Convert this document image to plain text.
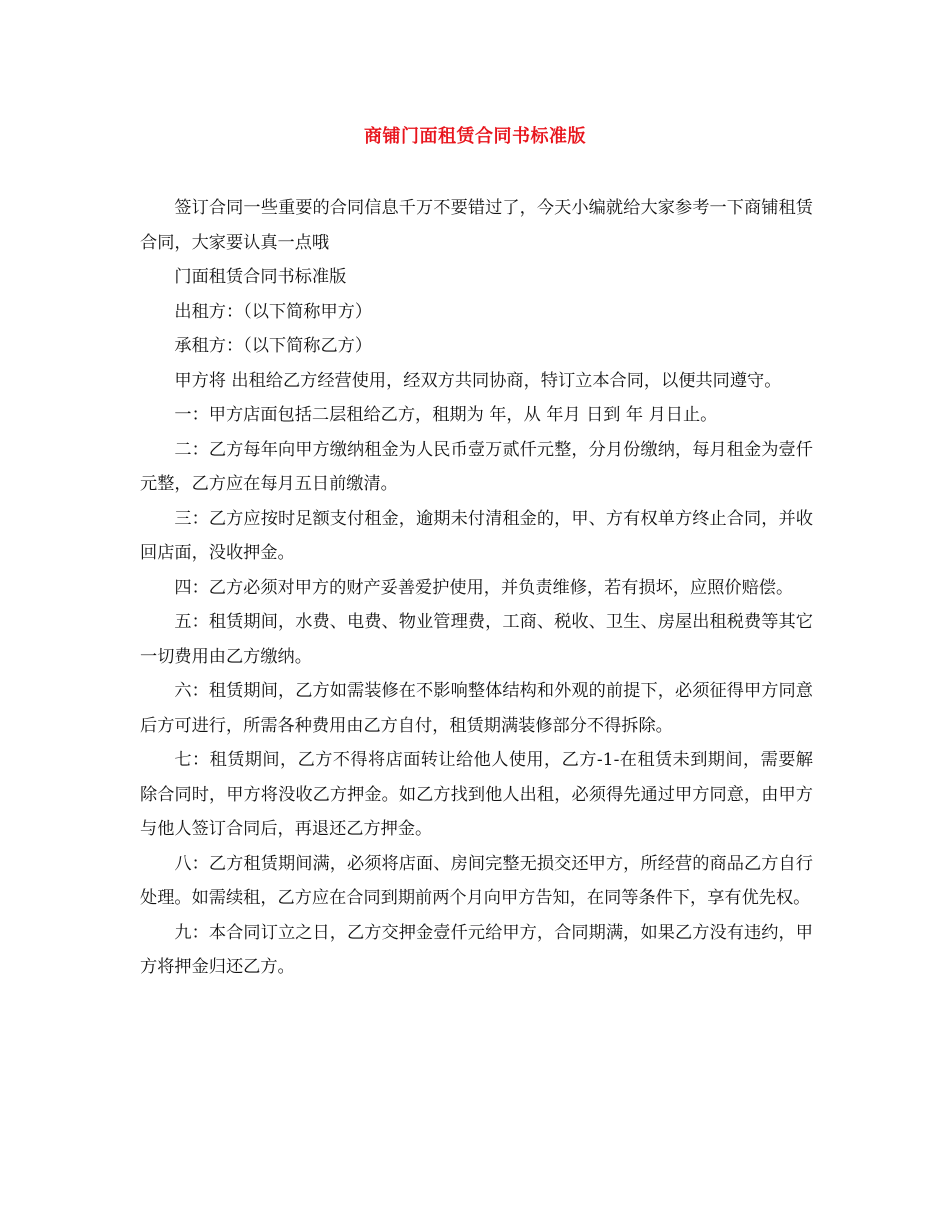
商铺门面租赁合同书标准版

签订合同一些重要的合同信息千万不要错过了，今天小编就给大家参考一下商铺租赁合同，大家要认真一点哦

门面租赁合同书标准版

出租方：（以下简称甲方）

承租方：（以下简称乙方）

甲方将 出租给乙方经营使用，经双方共同协商，特订立本合同，以便共同遵守。

一：甲方店面包括二层租给乙方，租期为 年，从 年月 日到 年 月日止。

二：乙方每年向甲方缴纳租金为人民币壹万贰仟元整，分月份缴纳，每月租金为壹仟元整，乙方应在每月五日前缴清。

三：乙方应按时足额支付租金，逾期未付清租金的，甲、方有权单方终止合同，并收回店面，没收押金。

四：乙方必须对甲方的财产妥善爱护使用，并负责维修，若有损坏，应照价赔偿。

五：租赁期间，水费、电费、物业管理费，工商、税收、卫生、房屋出租税费等其它一切费用由乙方缴纳。

六：租赁期间，乙方如需装修在不影响整体结构和外观的前提下，必须征得甲方同意后方可进行，所需各种费用由乙方自付，租赁期满装修部分不得拆除。

七：租赁期间，乙方不得将店面转让给他人使用，乙方-1-在租赁未到期间，需要解除合同时，甲方将没收乙方押金。如乙方找到他人出租，必须得先通过甲方同意，由甲方与他人签订合同后，再退还乙方押金。

八：乙方租赁期间满，必须将店面、房间完整无损交还甲方，所经营的商品乙方自行处理。如需续租，乙方应在合同到期前两个月向甲方告知，在同等条件下，享有优先权。

九：本合同订立之日，乙方交押金壹仟元给甲方，合同期满，如果乙方没有违约，甲方将押金归还乙方。
